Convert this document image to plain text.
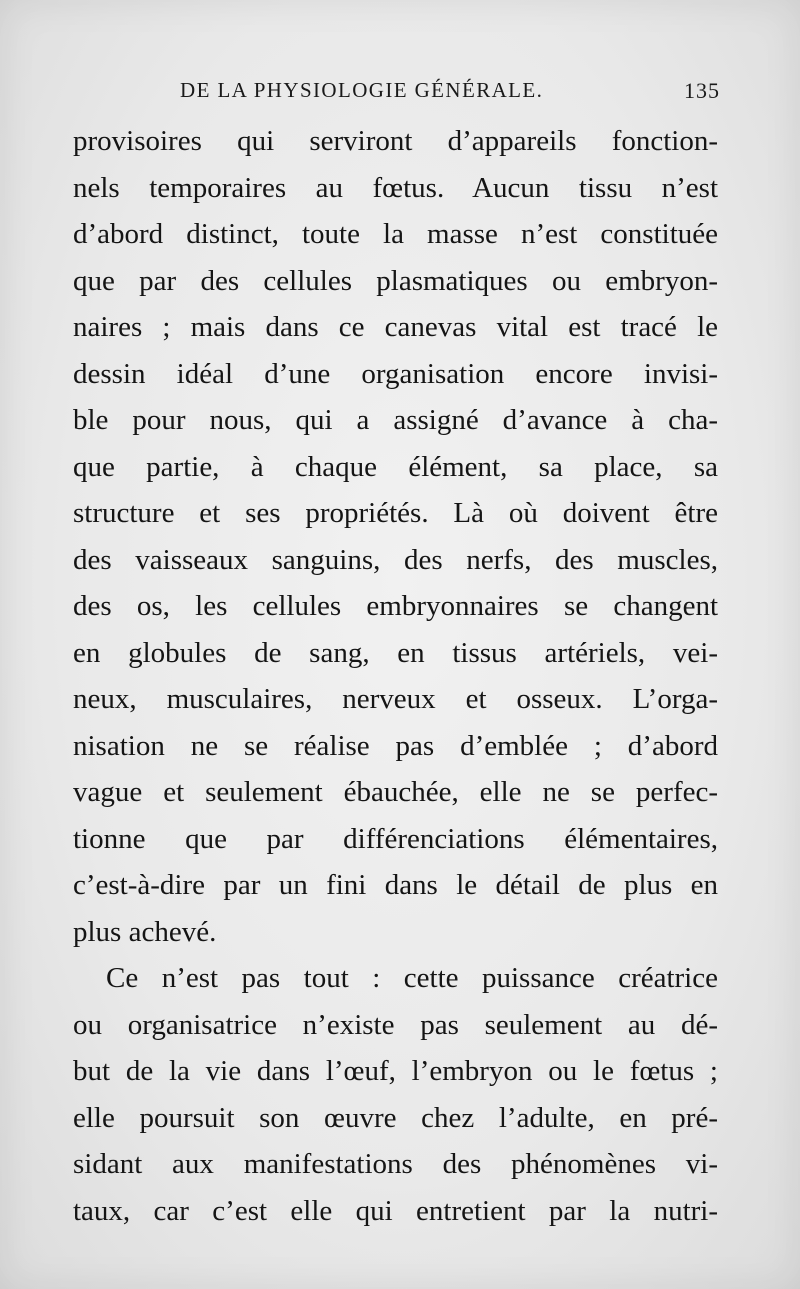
DE LA PHYSIOLOGIE GÉNÉRALE.	135
provisoires qui serviront d’appareils fonction-
nels temporaires au fœtus. Aucun tissu n’est
d’abord distinct, toute la masse n’est constituée
que par des cellules plasmatiques ou embryon-
naires ; mais dans ce canevas vital est tracé le
dessin idéal d’une organisation encore invisi-
ble pour nous, qui a assigné d’avance à cha-
que partie, à chaque élément, sa place, sa
structure et ses propriétés. Là où doivent être
des vaisseaux sanguins, des nerfs, des muscles,
des os, les cellules embryonnaires se changent
en globules de sang, en tissus artériels, vei-
neux, musculaires, nerveux et osseux. L’orga-
nisation ne se réalise pas d’emblée ; d’abord
vague et seulement ébauchée, elle ne se perfec-
tionne que par différenciations élémentaires,
c’est-à-dire par un fini dans le détail de plus en
plus achevé.
Ce n’est pas tout : cette puissance créatrice
ou organisatrice n’existe pas seulement au dé-
but de la vie dans l’œuf, l’embryon ou le fœtus ;
elle poursuit son œuvre chez l’adulte, en pré-
sidant aux manifestations des phénomènes vi-
taux, car c’est elle qui entretient par la nutri-
